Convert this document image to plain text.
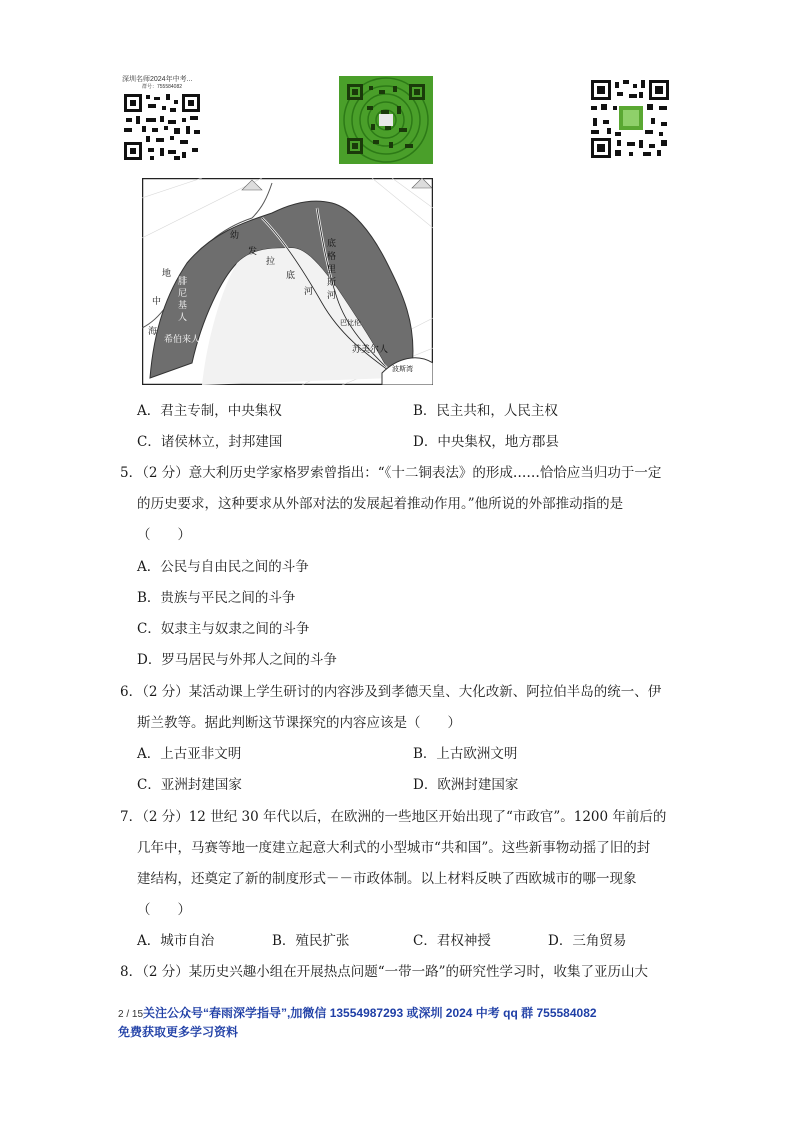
深圳名师2024年中考...
群号：755584082
地
中
海
腓
尼
基
人
希伯来人
幼
发
拉
底
河
底格里斯河
巴比伦
苏美尔人
波斯湾
A．君主专制，中央集权	B．民主共和，人民主权
C．诸侯林立，封邦建国	D．中央集权，地方郡县
5．（2 分）意大利历史学家格罗索曾指出：“《十二铜表法》的形成……恰恰应当归功于一定
的历史要求，这种要求从外部对法的发展起着推动作用。”他所说的外部推动指的是
（　　）
A．公民与自由民之间的斗争
B．贵族与平民之间的斗争
C．奴隶主与奴隶之间的斗争
D．罗马居民与外邦人之间的斗争
6．（2 分）某活动课上学生研讨的内容涉及到孝德天皇、大化改新、阿拉伯半岛的统一、伊
斯兰教等。据此判断这节课探究的内容应该是（　　）
A．上古亚非文明	B．上古欧洲文明
C．亚洲封建国家	D．欧洲封建国家
7．（2 分）12 世纪 30 年代以后，在欧洲的一些地区开始出现了“市政官”。1200 年前后的
几年中，马赛等地一度建立起意大利式的小型城市“共和国”。这些新事物动摇了旧的封
建结构，还奠定了新的制度形式－－市政体制。以上材料反映了西欧城市的哪一现象
（　　）
A．城市自治	B．殖民扩张	C．君权神授	D．三角贸易
8．（2 分）某历史兴趣小组在开展热点问题“一带一路”的研究性学习时，收集了亚历山大
2 / 15关注公众号“春雨深学指导”,加微信 13554987293 或深圳 2024 中考 qq 群 755584082
免费获取更多学习资料
